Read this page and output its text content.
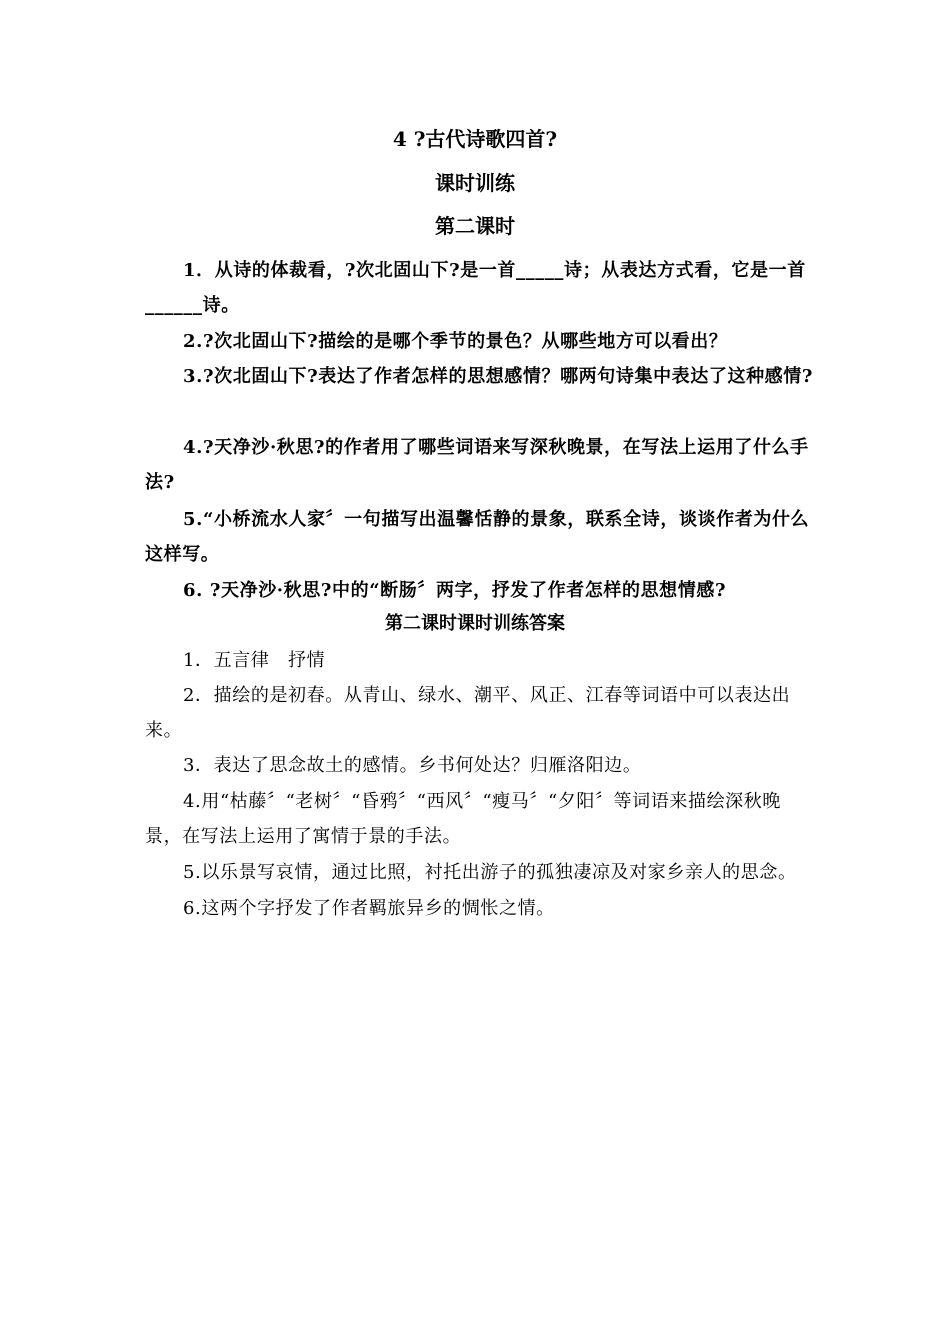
4 ?古代诗歌四首?
课时训练
第二课时
1．从诗的体裁看，?次北固山下?是一首_____诗；从表达方式看，它是一首______诗。
2.?次北固山下?描绘的是哪个季节的景色？从哪些地方可以看出？
3.?次北固山下?表达了作者怎样的思想感情？哪两句诗集中表达了这种感情?
4.?天净沙·秋思?的作者用了哪些词语来写深秋晚景，在写法上运用了什么手法?
5.“小桥流水人家〞一句描写出温馨恬静的景象，联系全诗，谈谈作者为什么这样写。
6. ?天净沙·秋思?中的“断肠〞两字，抒发了作者怎样的思想情感?
第二课时课时训练答案
1．五言律　抒情
2．描绘的是初春。从青山、绿水、潮平、风正、江春等词语中可以表达出来。
3．表达了思念故土的感情。乡书何处达？归雁洛阳边。
4.用“枯藤〞“老树〞“昏鸦〞“西风〞“瘦马〞“夕阳〞等词语来描绘深秋晚景，在写法上运用了寓情于景的手法。
5.以乐景写哀情，通过比照，衬托出游子的孤独凄凉及对家乡亲人的思念。
6.这两个字抒发了作者羁旅异乡的惆怅之情。
